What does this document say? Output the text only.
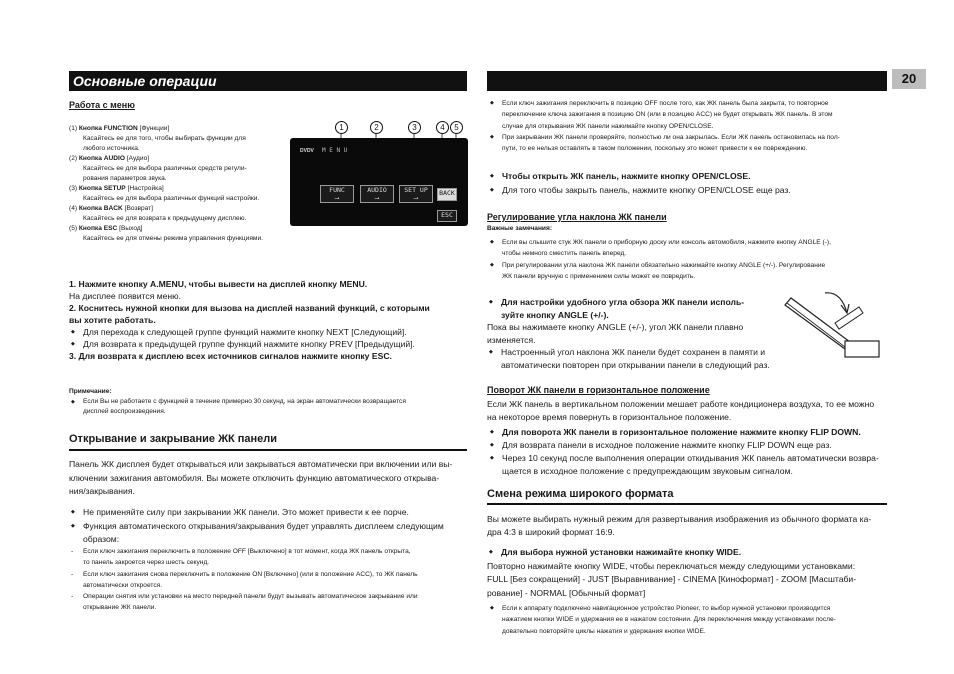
Основные операции	20
Работа с меню
(1) Кнопка FUNCTION [Функции]
Касайтесь ее для того, чтобы выбирать функции для
любого источника.
(2) Кнопка AUDIO [Аудио]
Касайтесь ее для выбора различных средств регули-
рования параметров звука.
(3) Кнопка SETUP [Настройка]
Касайтесь ее для выбора различных функций настройки.
(4) Кнопка BACK [Возврат]
Касайтесь ее для возврата к предыдущему дисплею.
(5) Кнопка ESC [Выход]
Касайтесь ее для отмены режима управления функциями.
1	2	3	4	5
DVDV M E N U
FUNC
⟶
AUDIO
⟶
SET UP
⟶
BACK
ESC
1. Нажмите кнопку A.MENU, чтобы вывести на дисплей кнопку MENU.
На дисплее появится меню.
2. Коснитесь нужной кнопки для вызова на дисплей названий функций, с которыми
вы хотите работать.
◆ Для перехода к следующей группе функций нажмите кнопку NEXT [Следующий].
◆ Для возврата к предыдущей группе функций нажмите кнопку PREV [Предыдущий].
3. Для возврата к дисплею всех источников сигналов нажмите кнопку ESC.
Примечание:
◆ Если Вы не работаете с функцией в течение примерно 30 секунд, на экран автоматически возвращается
дисплей воспроизведения.
Открывание и закрывание ЖК панели
Панель ЖК дисплея будет открываться или закрываться автоматически при включении или вы-
ключении зажигания автомобиля. Вы можете отключить функцию автоматического открыва-
ния/закрывания.
◆ Не применяйте силу при закрывании ЖК панели. Это может привести к ее порче.
◆ Функция автоматического открывания/закрывания будет управлять дисплеем следующим
образом:
- Если ключ зажигания переключить в положение OFF [Выключено] в тот момент, когда ЖК панель открыта,
то панель закроется через шесть секунд.
- Если ключ зажигания снова переключить в положение ON [Включено] (или в положение ACC), то ЖК панель
автоматически откроется.
- Операции снятия или установки на место передней панели будут вызывать автоматическое закрывание или
открывание ЖК панели.
◆ Если ключ зажигания переключить в позицию OFF после того, как ЖК панель была закрыта, то повторное
переключение ключа зажигания в позицию ON (или в позицию ACC) не будет открывать ЖК панель. В этом
случае для открывания ЖК панели нажимайте кнопку OPEN/CLOSE.
◆ При закрывании ЖК панели проверяйте, полностью ли она закрылась. Если ЖК панель остановилась на пол-
пути, то ее нельзя оставлять в таком положении, поскольку это может привести к ее повреждению.
◆ Чтобы открыть ЖК панель, нажмите кнопку OPEN/CLOSE.
◆ Для того чтобы закрыть панель, нажмите кнопку OPEN/CLOSE еще раз.
Регулирование угла наклона ЖК панели
Важные замечания:
◆ Если вы слышите стук ЖК панели о приборную доску или консоль автомобиля, нажмите кнопку ANGLE (-),
чтобы немного сместить панель вперед.
◆ При регулировании угла наклона ЖК панели обязательно нажимайте кнопку ANGLE (+/-). Регулирование
ЖК панели вручную с применением силы может ее повредить.
◆ Для настройки удобного угла обзора ЖК панели исполь-
зуйте кнопку ANGLE (+/-).
Пока вы нажимаете кнопку ANGLE (+/-), угол ЖК панели плавно
изменяется.
◆ Настроенный угол наклона ЖК панели будет сохранен в памяти и
автоматически повторен при открывании панели в следующий раз.
Поворот ЖК панели в горизонтальное положение
Если ЖК панель в вертикальном положении мешает работе кондиционера воздуха, то ее можно
на некоторое время повернуть в горизонтальное положение.
◆ Для поворота ЖК панели в горизонтальное положение нажмите кнопку FLIP DOWN.
◆ Для возврата панели в исходное положение нажмите кнопку FLIP DOWN еще раз.
◆ Через 10 секунд после выполнения операции откидывания ЖК панель автоматически возвра-
щается в исходное положение с предупреждающим звуковым сигналом.
Смена режима широкого формата
Вы можете выбирать нужный режим для развертывания изображения из обычного формата ка-
дра 4:3 в широкий формат 16:9.
◆ Для выбора нужной установки нажимайте кнопку WIDE.
Повторно нажимайте кнопку WIDE, чтобы переключаться между следующими установками:
FULL [Без сокращений] - JUST [Выравнивание] - CINEMA [Кинoформат] - ZOOM [Масштаби-
рование] - NORMAL [Обычный формат]
◆ Если к аппарату подключено навигационное устройство Pioneer, то выбор нужной установки производится
нажатием кнопки WIDE и удержания ее в нажатом состоянии. Для переключения между установками после-
довательно повторяйте циклы нажатия и удержания кнопки WIDE.
